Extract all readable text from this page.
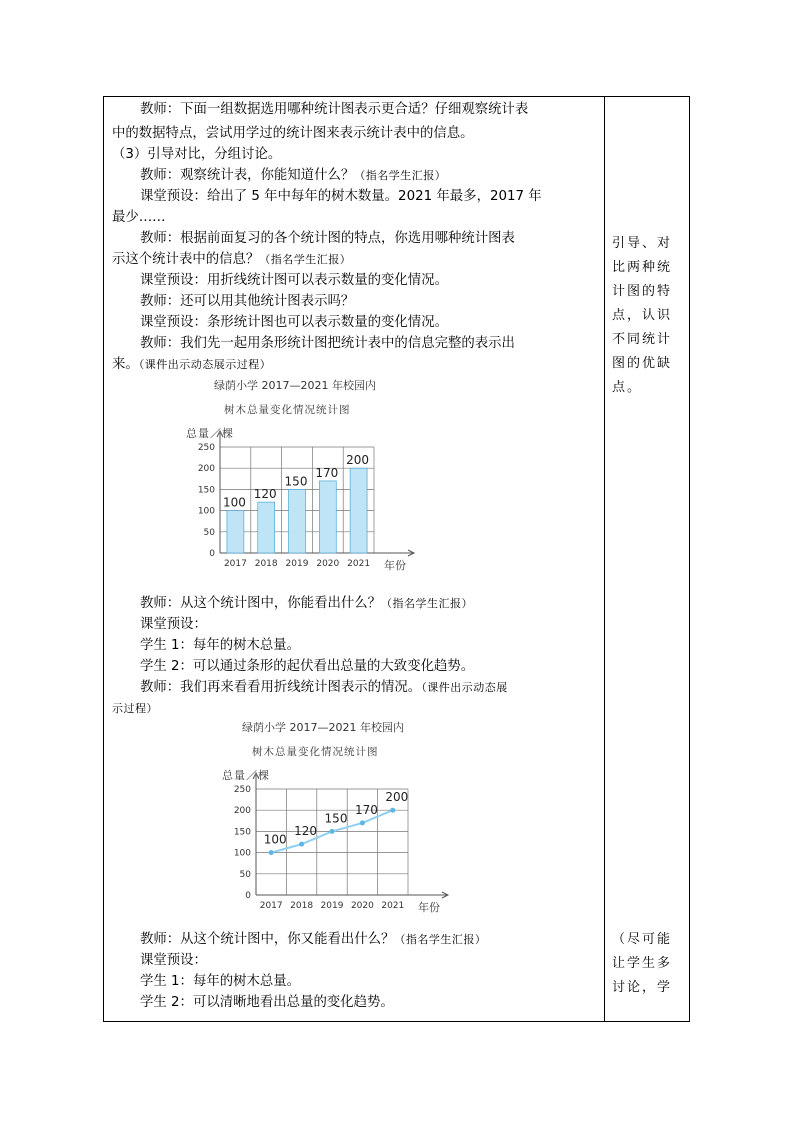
教师：下面一组数据选用哪种统计图表示更合适？仔细观察统计表

中的数据特点，尝试用学过的统计图来表示统计表中的信息。

（3）引导对比，分组讨论。

教师：观察统计表，你能知道什么？（指名学生汇报）

课堂预设：给出了 5 年中每年的树木数量。2021 年最多，2017 年

最少……

教师：根据前面复习的各个统计图的特点，你选用哪种统计图表

示这个统计表中的信息？（指名学生汇报）

课堂预设：用折线统计图可以表示数量的变化情况。

教师：还可以用其他统计图表示吗？

课堂预设：条形统计图也可以表示数量的变化情况。

教师：我们先一起用条形统计图把统计表中的信息完整的表示出

来。（课件出示动态展示过程）

绿荫小学 2017—2021 年校园内
树木总量变化情况统计图
总量／棵
0
50
100
150
200
250
年份
2017 2018 2019 2020 2021
100
120
150
170
200

教师：从这个统计图中，你能看出什么？（指名学生汇报）

课堂预设：

学生 1：每年的树木总量。

学生 2：可以通过条形的起伏看出总量的大致变化趋势。

教师：我们再来看看用折线统计图表示的情况。（课件出示动态展

示过程）

绿荫小学 2017—2021 年校园内
树木总量变化情况统计图
总量／棵
0
50
100
150
200
250
年份
2017 2018 2019 2020 2021
100
120
150
170
200

教师：从这个统计图中，你又能看出什么？（指名学生汇报）

课堂预设：

学生 1：每年的树木总量。

学生 2：可以清晰地看出总量的变化趋势。

引导、对

比两种统

计图的特

点，认识

不同统计

图的优缺

点。

（尽可能

让学生多

讨论，学
